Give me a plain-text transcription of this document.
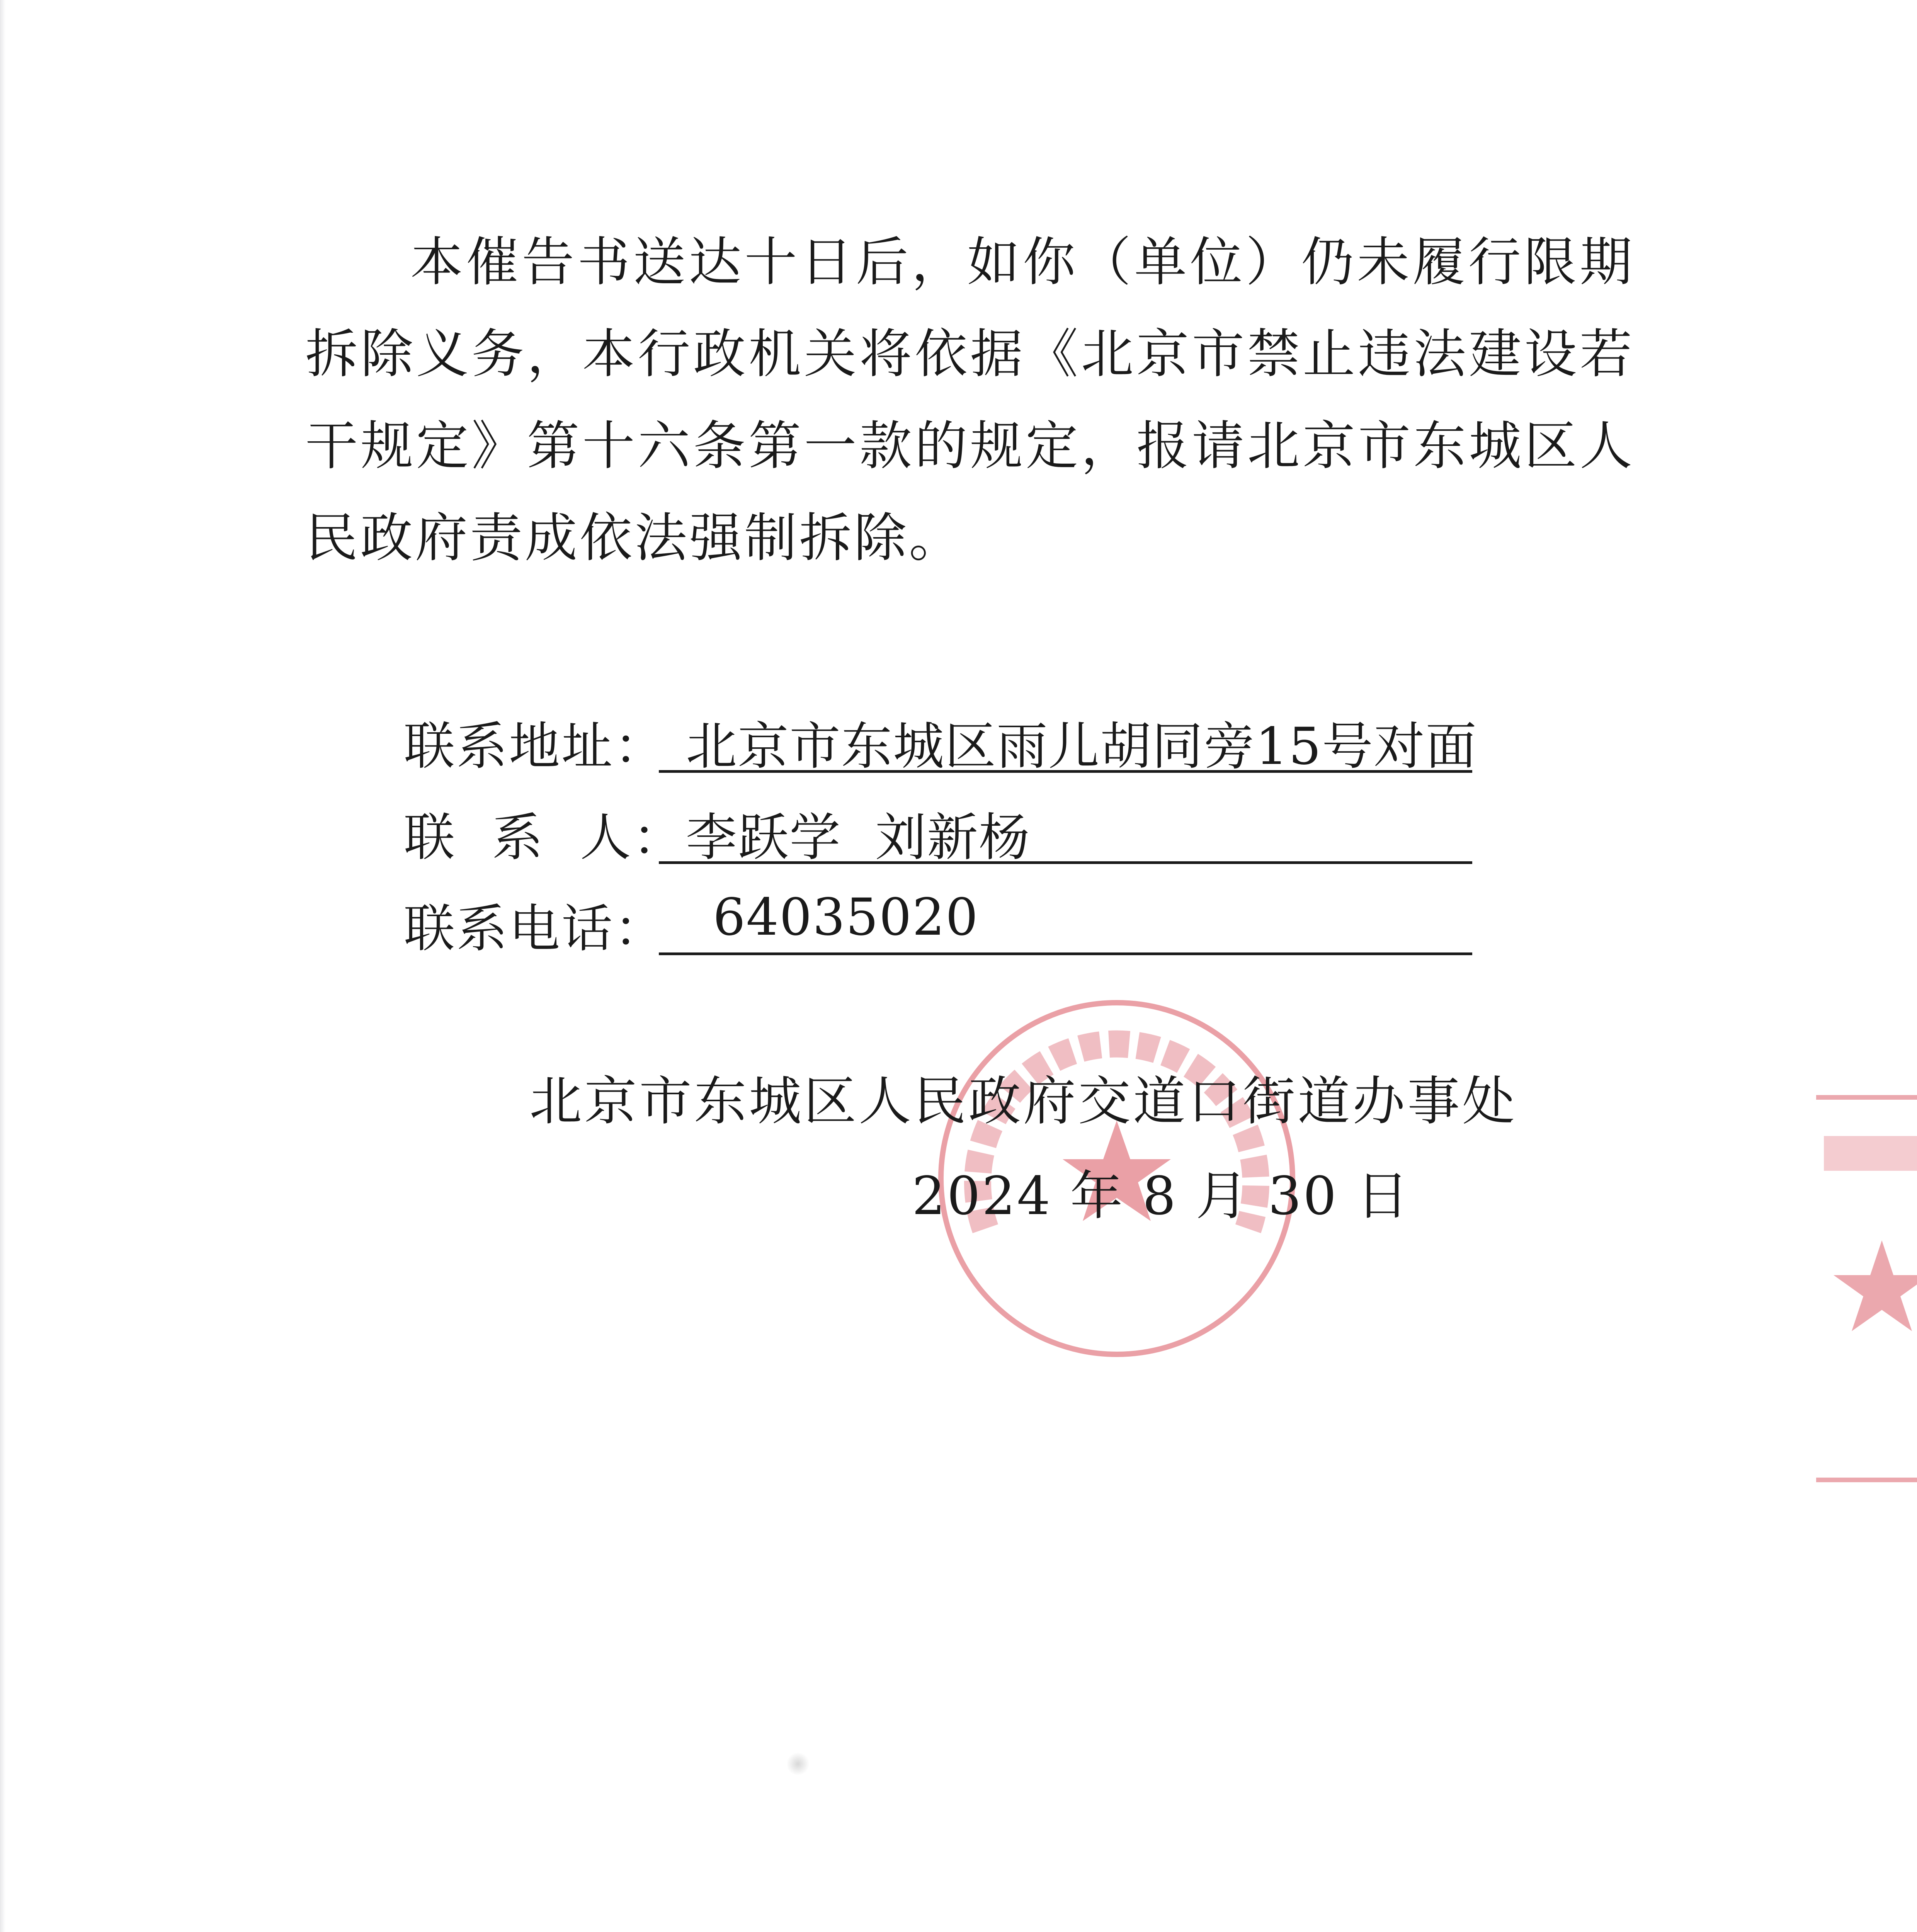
本催告书送达十日后，如你（单位）仍未履行限期拆除义务，本行政机关将依据《北京市禁止违法建设若干规定》第十六条第一款的规定，报请北京市东城区人民政府责成依法强制拆除。

联系地址：

北京市东城区雨儿胡同旁15号对面

联  系  人：

李跃学  刘新杨

联系电话：

64035020

北京市东城区人民政府交道口街道办事处
2024 年 8 月 30 日
